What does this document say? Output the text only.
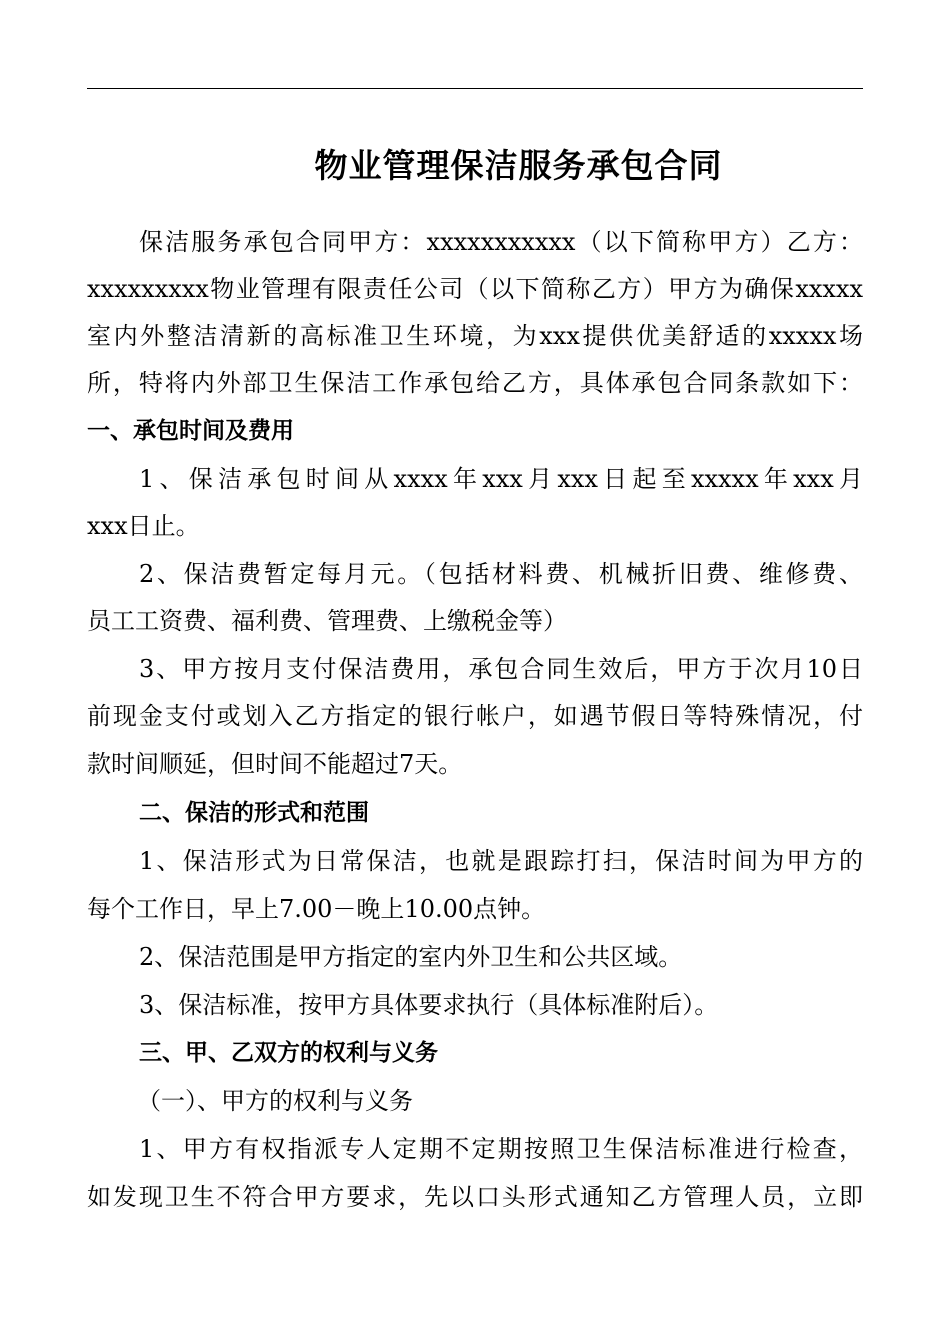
物业管理保洁服务承包合同
保洁服务承包合同甲方：xxxxxxxxxxx（以下简称甲方）乙方：
xxxxxxxxx物业管理有限责任公司（以下简称乙方）甲方为确保xxxxx
室内外整洁清新的高标准卫生环境，为xxx提供优美舒适的xxxxx场
所，特将内外部卫生保洁工作承包给乙方，具体承包合同条款如下：
一、承包时间及费用
1、保洁承包时间从xxxx年xxx月xxx日起至xxxxx年xxx月
xxx日止。
2、保洁费暂定每月元。（包括材料费、机械折旧费、维修费、
员工工资费、福利费、管理费、上缴税金等）
3、甲方按月支付保洁费用，承包合同生效后，甲方于次月10日
前现金支付或划入乙方指定的银行帐户，如遇节假日等特殊情况，付
款时间顺延，但时间不能超过7天。
二、保洁的形式和范围
1、保洁形式为日常保洁，也就是跟踪打扫，保洁时间为甲方的
每个工作日，早上7.00－晚上10.00点钟。
2、保洁范围是甲方指定的室内外卫生和公共区域。
3、保洁标准，按甲方具体要求执行（具体标准附后）。
三、甲、乙双方的权利与义务
（一）、甲方的权利与义务
1、甲方有权指派专人定期不定期按照卫生保洁标准进行检查，
如发现卫生不符合甲方要求，先以口头形式通知乙方管理人员，立即
